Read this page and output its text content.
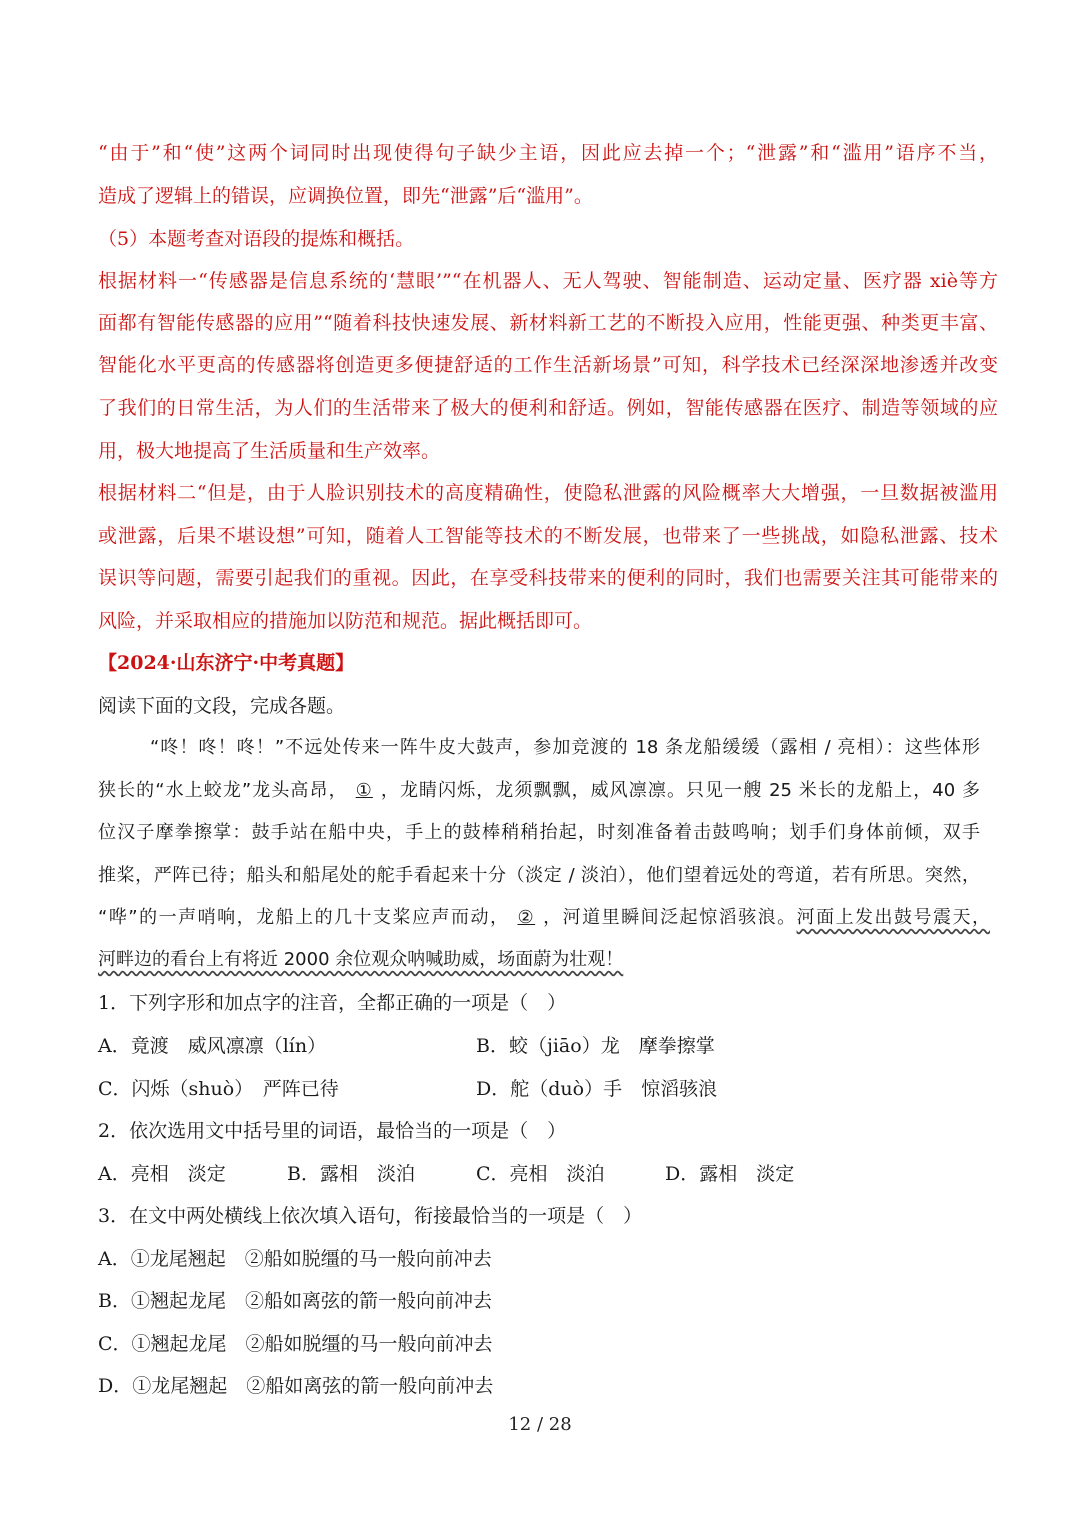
“由于”和“使”这两个词同时出现使得句子缺少主语，因此应去掉一个；“泄露”和“滥用”语序不当，
造成了逻辑上的错误，应调换位置，即先“泄露”后“滥用”。
（5）本题考查对语段的提炼和概括。
根据材料一“传感器是信息系统的‘慧眼’”“在机器人、无人驾驶、智能制造、运动定量、医疗器 xiè等方
面都有智能传感器的应用”“随着科技快速发展、新材料新工艺的不断投入应用，性能更强、种类更丰富、
智能化水平更高的传感器将创造更多便捷舒适的工作生活新场景”可知，科学技术已经深深地渗透并改变
了我们的日常生活，为人们的生活带来了极大的便利和舒适。例如，智能传感器在医疗、制造等领域的应
用，极大地提高了生活质量和生产效率。
根据材料二“但是，由于人脸识别技术的高度精确性，使隐私泄露的风险概率大大增强，一旦数据被滥用
或泄露，后果不堪设想”可知，随着人工智能等技术的不断发展，也带来了一些挑战，如隐私泄露、技术
误识等问题，需要引起我们的重视。因此，在享受科技带来的便利的同时，我们也需要关注其可能带来的
风险，并采取相应的措施加以防范和规范。据此概括即可。
【2024·山东济宁·中考真题】
阅读下面的文段，完成各题。
“咚！咚！咚！”不远处传来一阵牛皮大鼓声，参加竞渡的 18 条龙船缓缓（露相 / 亮相）：这些体形
狭长的“水上蛟龙”龙头高昂， ① ，龙睛闪烁，龙须飘飘，威风凛凛。只见一艘 25 米长的龙船上，40 多
位汉子摩拳擦掌：鼓手站在船中央，手上的鼓棒稍稍抬起，时刻准备着击鼓鸣响；划手们身体前倾，双手
推桨，严阵已待；船头和船尾处的舵手看起来十分（淡定 / 淡泊），他们望着远处的弯道，若有所思。突然，
“哗”的一声哨响，龙船上的几十支桨应声而动， ② ，河道里瞬间泛起惊滔骇浪。河面上发出鼓号震天，
河畔边的看台上有将近 2000 余位观众呐喊助威，场面蔚为壮观！
1．下列字形和加点字的注音，全都正确的一项是（　）
A．竟渡　威风凛凛（lín）	B．蛟（jiāo）龙　摩拳擦掌
C．闪烁（shuò）　严阵已待	D．舵（duò）手　惊滔骇浪
2．依次选用文中括号里的词语，最恰当的一项是（　）
A．亮相　淡定	B．露相　淡泊	C．亮相　淡泊	D．露相　淡定
3．在文中两处横线上依次填入语句，衔接最恰当的一项是（　）
A．①龙尾翘起　②船如脱缰的马一般向前冲去
B．①翘起龙尾　②船如离弦的箭一般向前冲去
C．①翘起龙尾　②船如脱缰的马一般向前冲去
D．①龙尾翘起　②船如离弦的箭一般向前冲去
12 / 28
